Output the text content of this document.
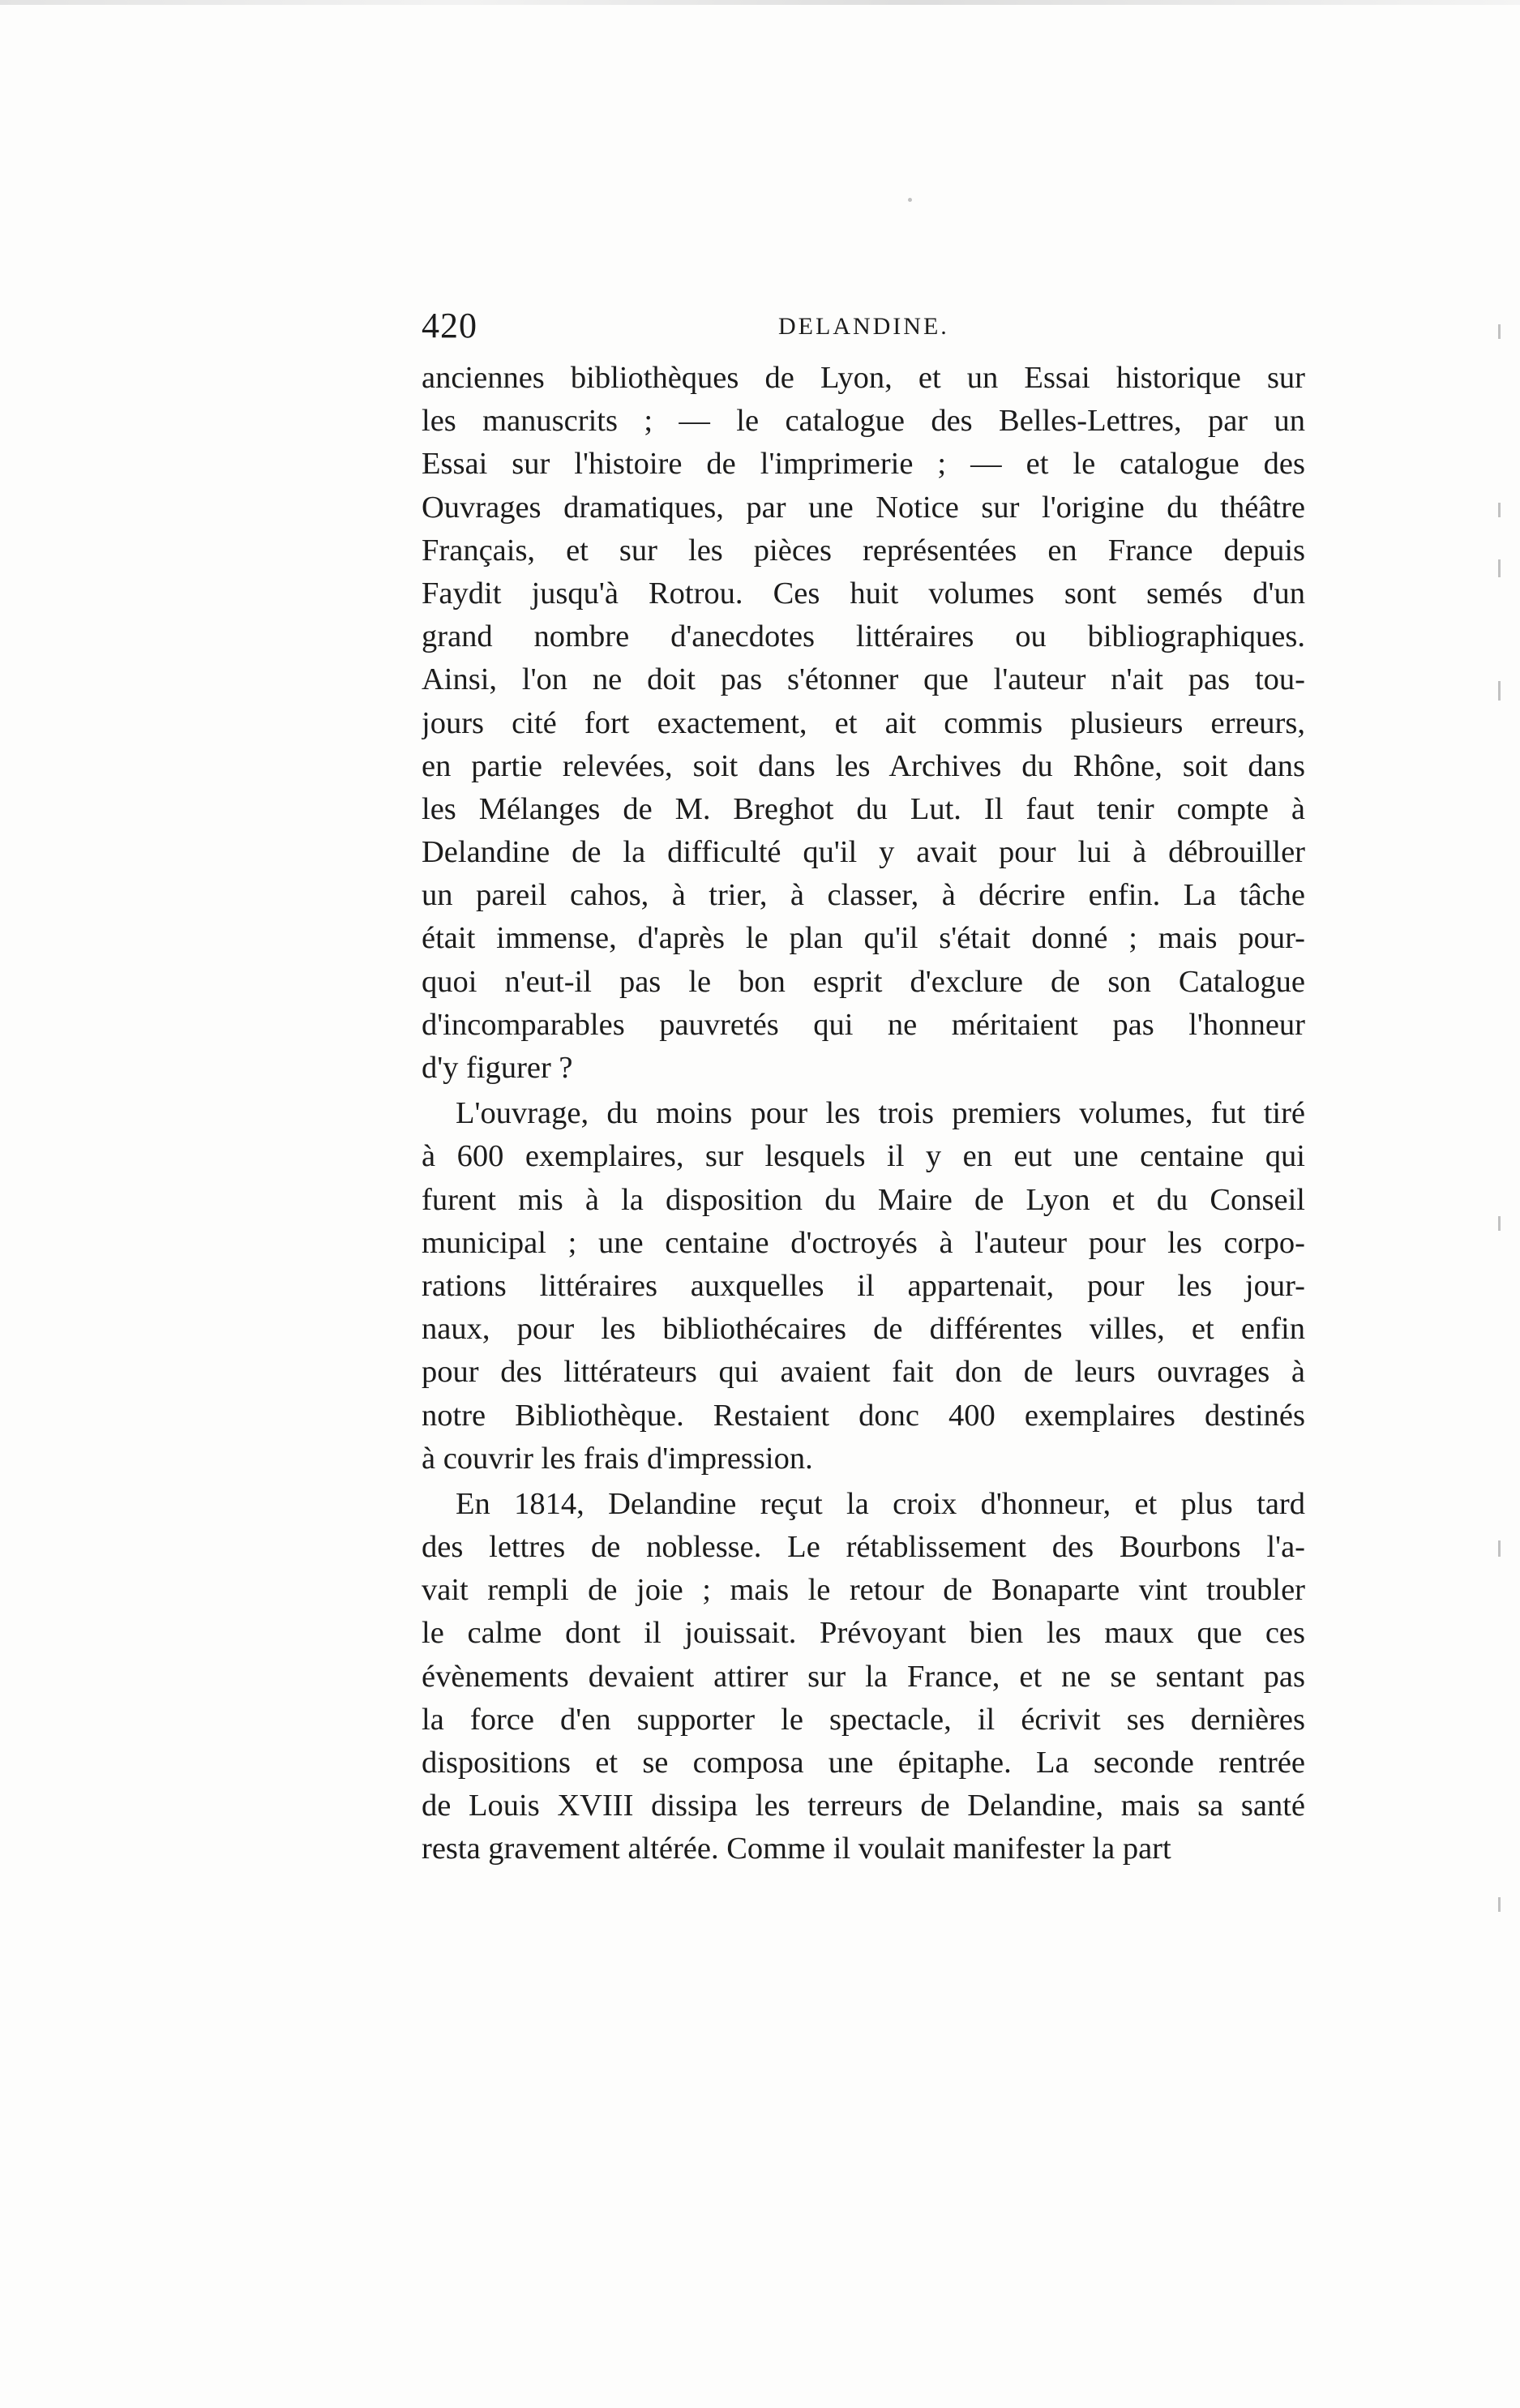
420	DELANDINE.
anciennes bibliothèques de Lyon, et un Essai historique sur
les manuscrits ; — le catalogue des Belles-Lettres, par un
Essai sur l'histoire de l'imprimerie ; — et le catalogue des
Ouvrages dramatiques, par une Notice sur l'origine du théâtre
Français, et sur les pièces représentées en France depuis
Faydit jusqu'à Rotrou. Ces huit volumes sont semés d'un
grand nombre d'anecdotes littéraires ou bibliographiques.
Ainsi, l'on ne doit pas s'étonner que l'auteur n'ait pas tou-
jours cité fort exactement, et ait commis plusieurs erreurs,
en partie relevées, soit dans les Archives du Rhône, soit dans
les Mélanges de M. Breghot du Lut. Il faut tenir compte à
Delandine de la difficulté qu'il y avait pour lui à débrouiller
un pareil cahos, à trier, à classer, à décrire enfin. La tâche
était immense, d'après le plan qu'il s'était donné ; mais pour-
quoi n'eut-il pas le bon esprit d'exclure de son Catalogue
d'incomparables pauvretés qui ne méritaient pas l'honneur
d'y figurer ?
L'ouvrage, du moins pour les trois premiers volumes, fut tiré
à 600 exemplaires, sur lesquels il y en eut une centaine qui
furent mis à la disposition du Maire de Lyon et du Conseil
municipal ; une centaine d'octroyés à l'auteur pour les corpo-
rations littéraires auxquelles il appartenait, pour les jour-
naux, pour les bibliothécaires de différentes villes, et enfin
pour des littérateurs qui avaient fait don de leurs ouvrages à
notre Bibliothèque. Restaient donc 400 exemplaires destinés
à couvrir les frais d'impression.
En 1814, Delandine reçut la croix d'honneur, et plus tard
des lettres de noblesse. Le rétablissement des Bourbons l'a-
vait rempli de joie ; mais le retour de Bonaparte vint troubler
le calme dont il jouissait. Prévoyant bien les maux que ces
évènements devaient attirer sur la France, et ne se sentant pas
la force d'en supporter le spectacle, il écrivit ses dernières
dispositions et se composa une épitaphe. La seconde rentrée
de Louis XVIII dissipa les terreurs de Delandine, mais sa santé
resta gravement altérée. Comme il voulait manifester la part
